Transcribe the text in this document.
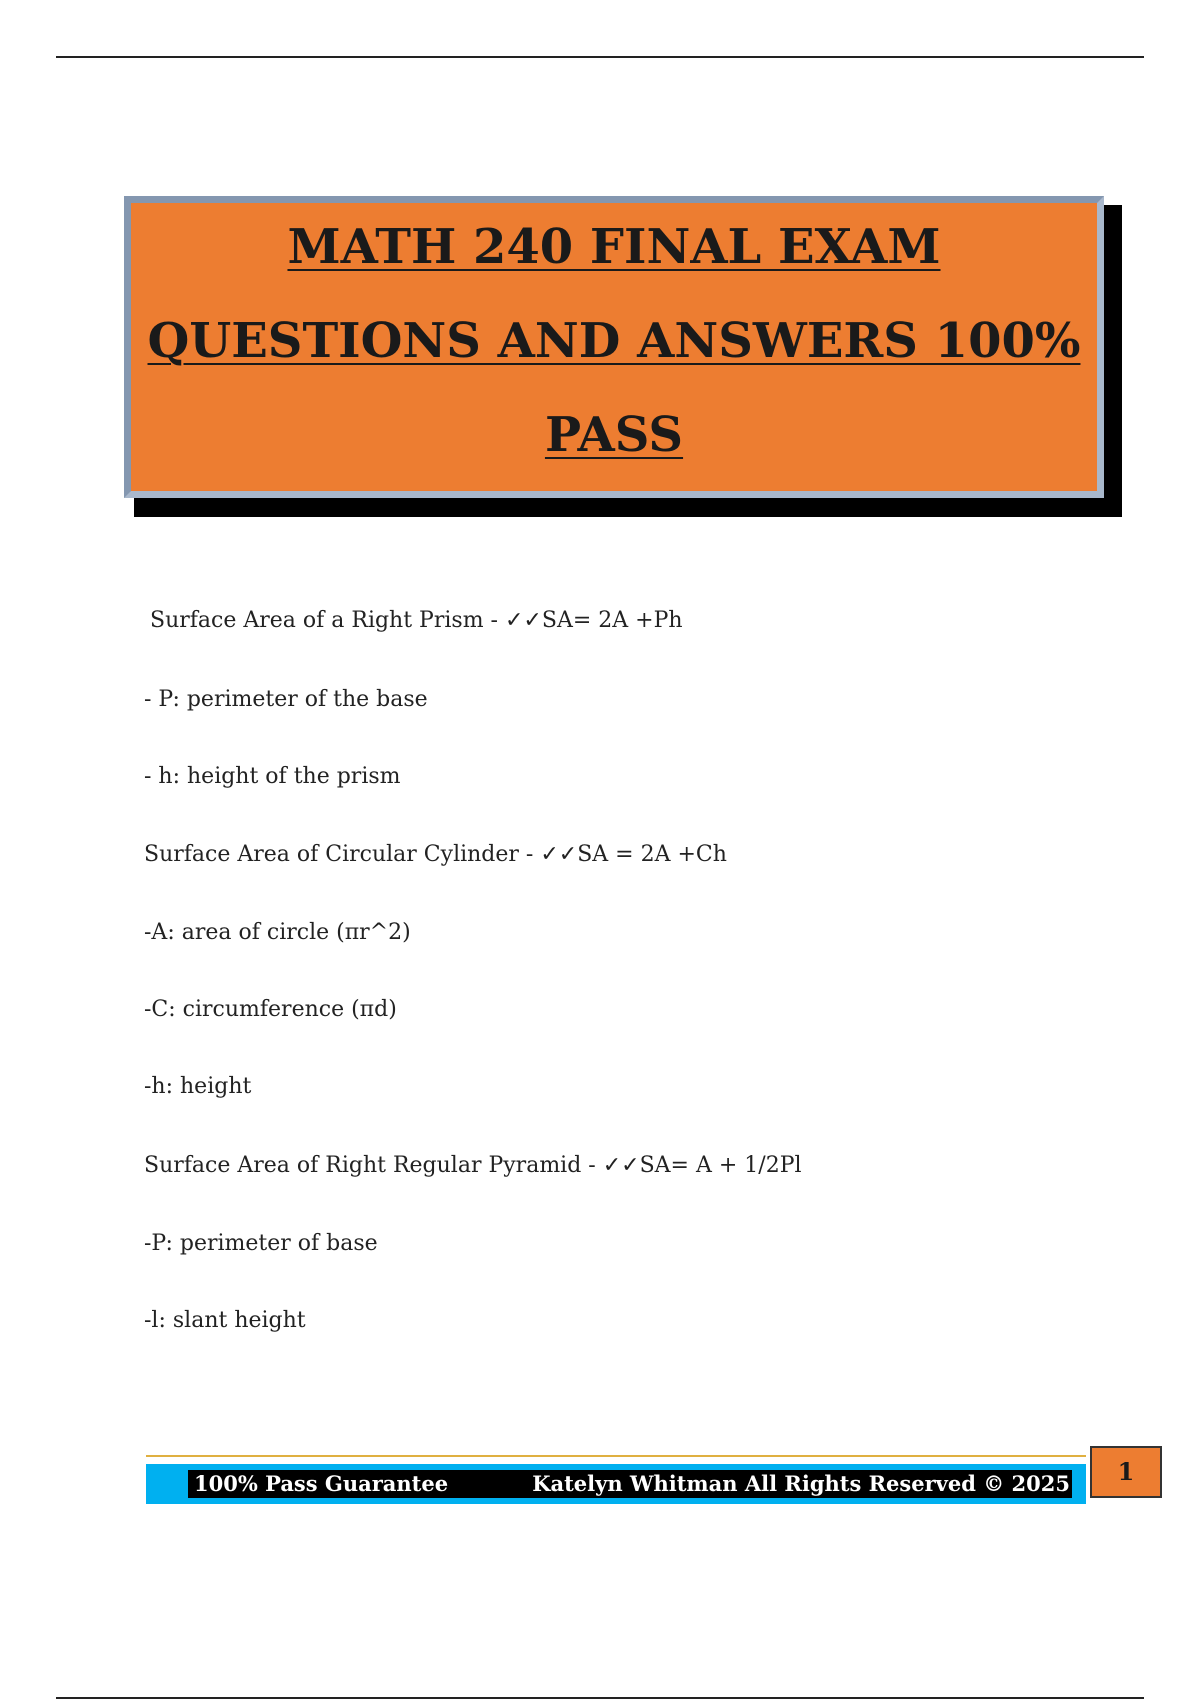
MATH 240 FINAL EXAM
QUESTIONS AND ANSWERS 100%
PASS
Surface Area of a Right Prism - ✓✓SA= 2A +Ph
- P: perimeter of the base
- h: height of the prism
Surface Area of Circular Cylinder - ✓✓SA = 2A +Ch
-A: area of circle (πr^2)
-C: circumference (πd)
-h: height
Surface Area of Right Regular Pyramid - ✓✓SA= A + 1/2Pl
-P: perimeter of base
-l: slant height
100% Pass Guarantee	Katelyn Whitman All Rights Reserved © 2025	1
